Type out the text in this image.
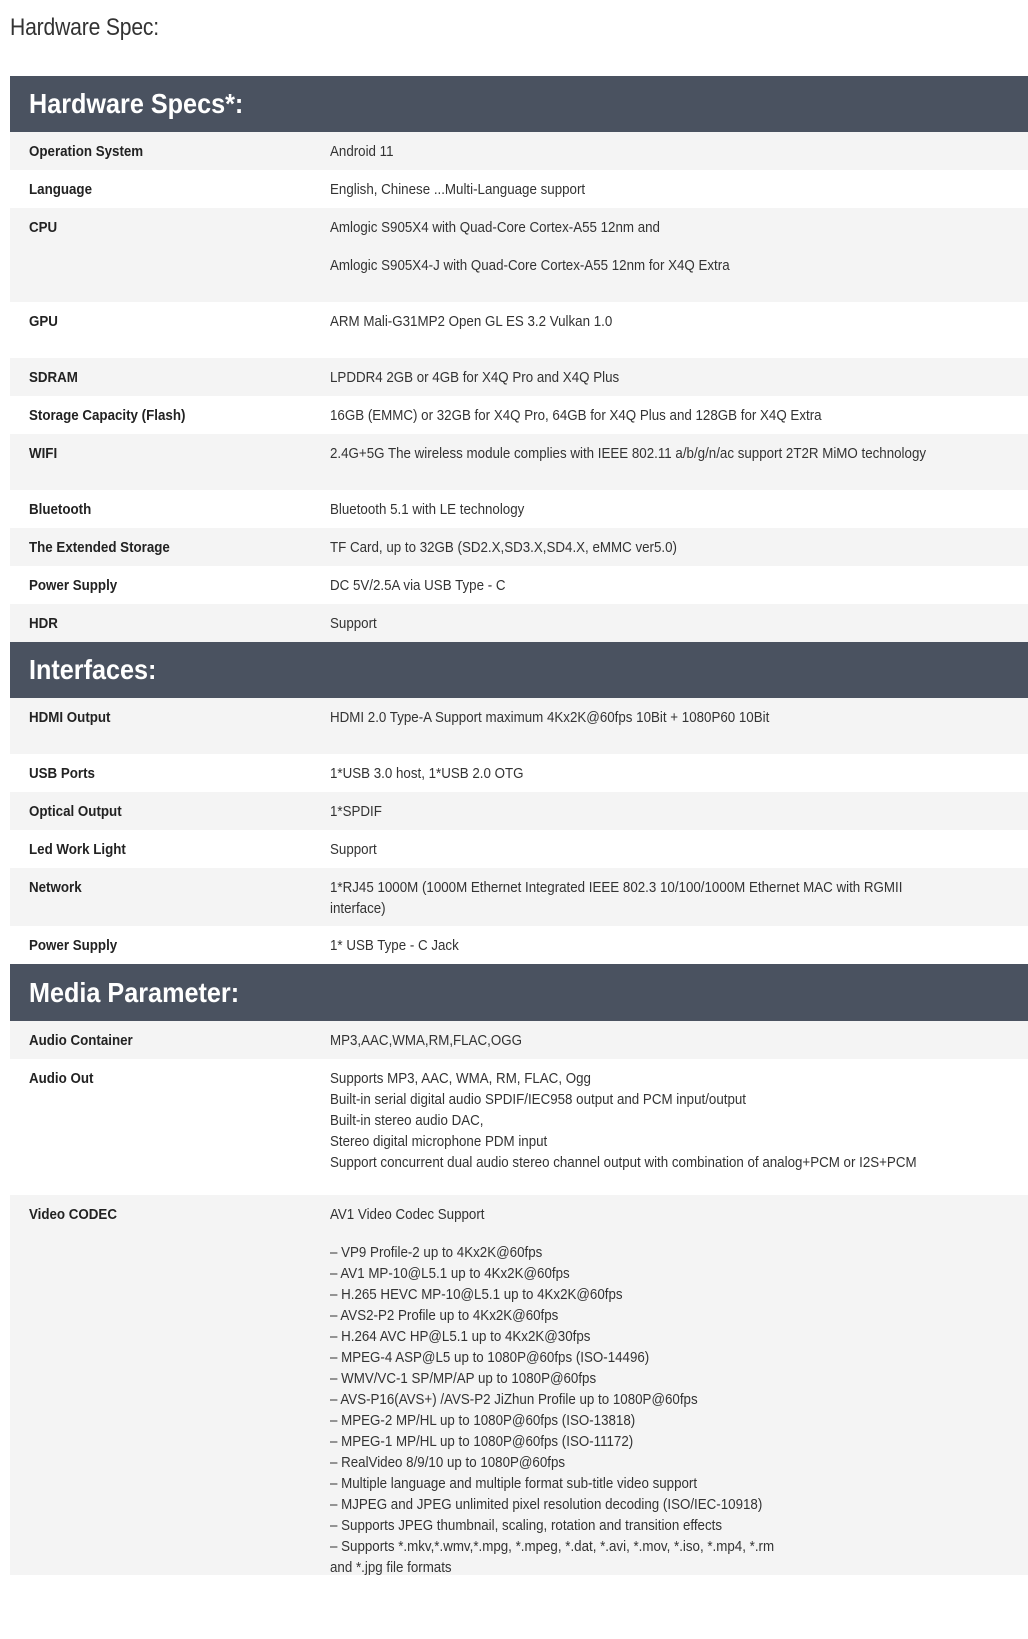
Hardware Spec:
Hardware Specs*:
Operation System	Android 11

Language	English, Chinese ...Multi-Language support

CPU	Amlogic S905X4 with Quad-Core Cortex-A55 12nm and

Amlogic S905X4-J with Quad-Core Cortex-A55 12nm for X4Q Extra

GPU	ARM Mali-G31MP2 Open GL ES 3.2 Vulkan 1.0

SDRAM	LPDDR4 2GB or 4GB for X4Q Pro and X4Q Plus

Storage Capacity (Flash)	16GB (EMMC) or 32GB for X4Q Pro, 64GB for X4Q Plus and 128GB for X4Q Extra

WIFI	2.4G+5G The wireless module complies with IEEE 802.11 a/b/g/n/ac support 2T2R MiMO technology

Bluetooth	Bluetooth 5.1 with LE technology

The Extended Storage	TF Card, up to 32GB (SD2.X,SD3.X,SD4.X, eMMC ver5.0)

Power Supply	DC 5V/2.5A via USB Type - C

HDR	Support

Interfaces:
HDMI Output	HDMI 2.0 Type-A Support maximum 4Kx2K@60fps 10Bit + 1080P60 10Bit

USB Ports	1*USB 3.0 host, 1*USB 2.0 OTG

Optical Output	1*SPDIF

Led Work Light	Support

Network	1*RJ45 1000M (1000M Ethernet Integrated IEEE 802.3 10/100/1000M Ethernet MAC with RGMII interface)

Power Supply	1* USB Type - C Jack

Media Parameter:
Audio Container	MP3,AAC,WMA,RM,FLAC,OGG

Audio Out	Supports MP3, AAC, WMA, RM, FLAC, Ogg

Built-in serial digital audio SPDIF/IEC958 output and PCM input/output

Built-in stereo audio DAC,

Stereo digital microphone PDM input

Support concurrent dual audio stereo channel output with combination of analog+PCM or I2S+PCM

Video CODEC	AV1 Video Codec Support

– VP9 Profile-2 up to 4Kx2K@60fps

– AV1 MP-10@L5.1 up to 4Kx2K@60fps

– H.265 HEVC MP-10@L5.1 up to 4Kx2K@60fps

– AVS2-P2 Profile up to 4Kx2K@60fps

– H.264 AVC HP@L5.1 up to 4Kx2K@30fps

– MPEG-4 ASP@L5 up to 1080P@60fps (ISO-14496)

– WMV/VC-1 SP/MP/AP up to 1080P@60fps

– AVS-P16(AVS+) /AVS-P2 JiZhun Profile up to 1080P@60fps

– MPEG-2 MP/HL up to 1080P@60fps (ISO-13818)

– MPEG-1 MP/HL up to 1080P@60fps (ISO-11172)

– RealVideo 8/9/10 up to 1080P@60fps

– Multiple language and multiple format sub-title video support

– MJPEG and JPEG unlimited pixel resolution decoding (ISO/IEC-10918)

– Supports JPEG thumbnail, scaling, rotation and transition effects

– Supports *.mkv,*.wmv,*.mpg, *.mpeg, *.dat, *.avi, *.mov, *.iso, *.mp4, *.rm

and *.jpg file formats
